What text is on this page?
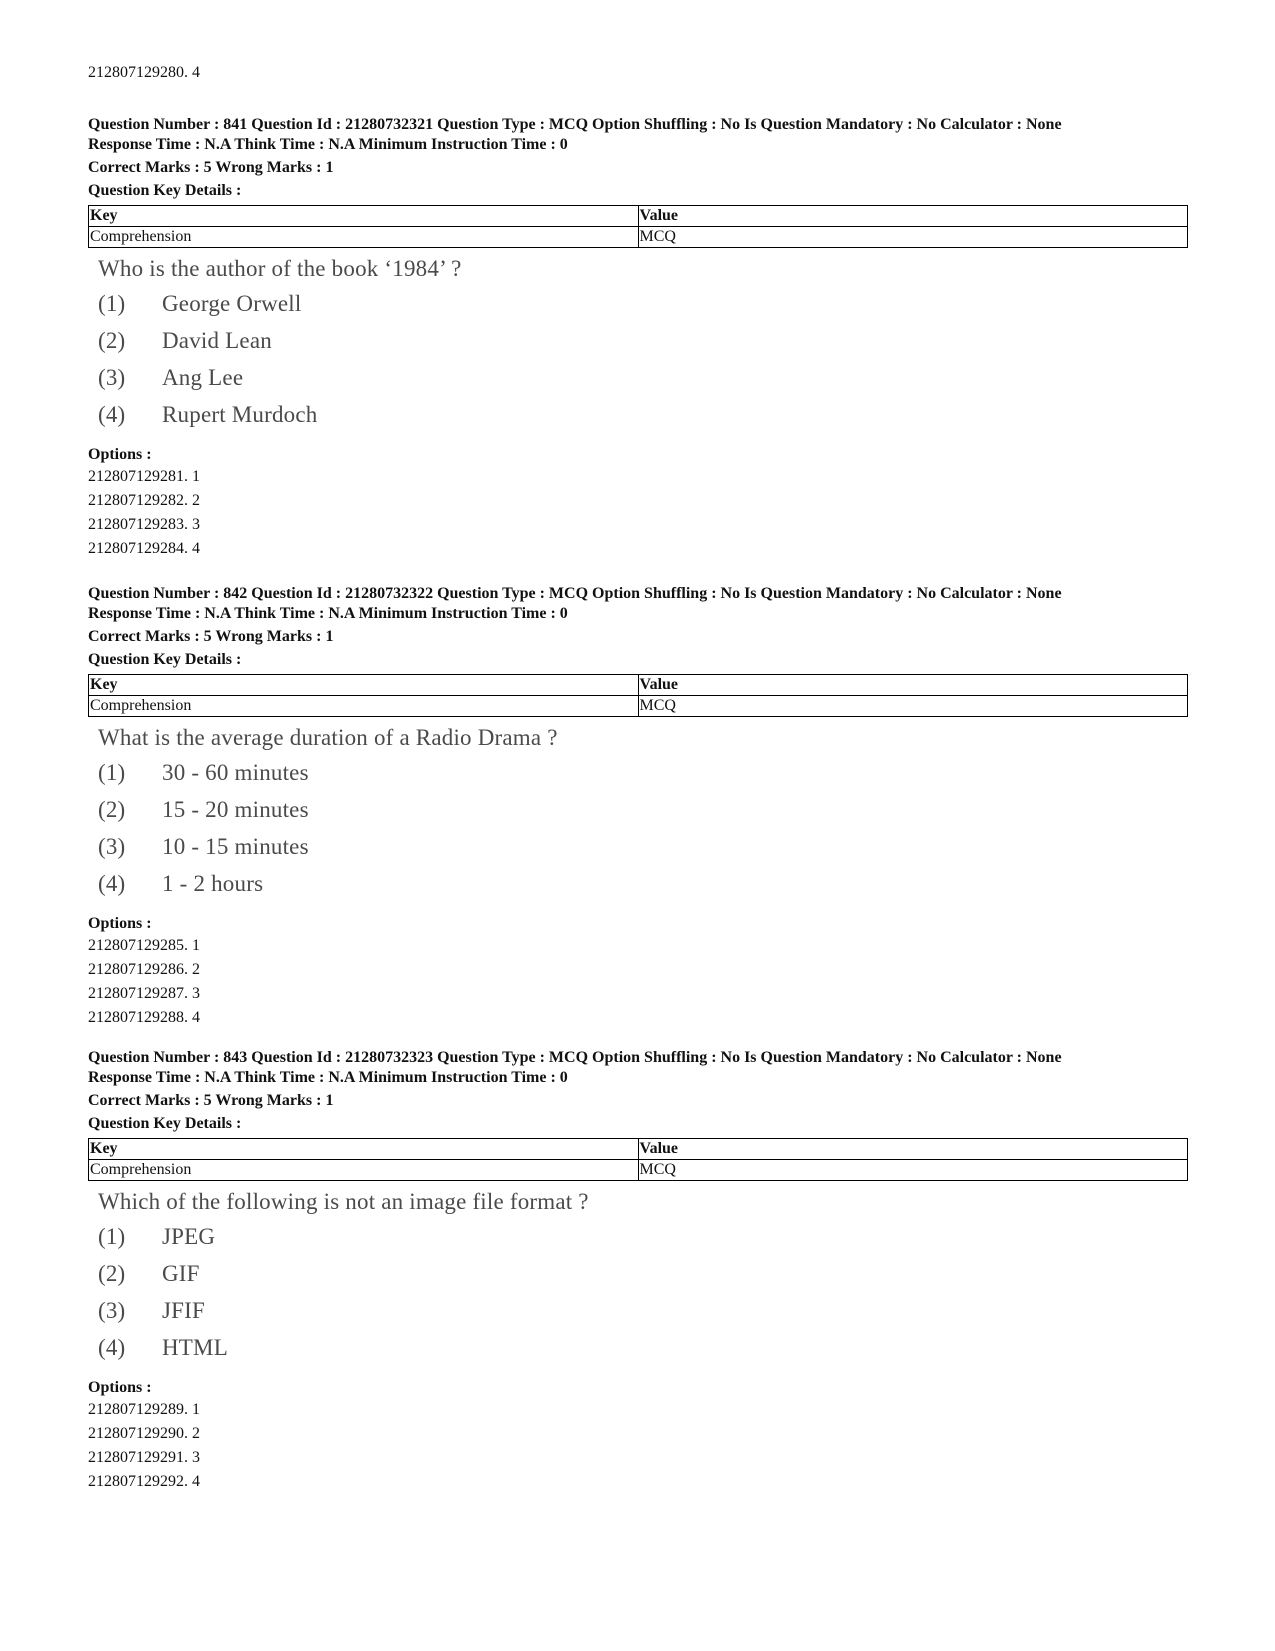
212807129280. 4
Question Number : 841 Question Id : 21280732321 Question Type : MCQ Option Shuffling : No Is Question Mandatory : No Calculator : None
Response Time : N.A Think Time : N.A Minimum Instruction Time : 0
Correct Marks : 5 Wrong Marks : 1
Question Key Details :
Key	Value
Comprehension	MCQ
Who is the author of the book ‘1984’ ?
(1)	George Orwell
(2)	David Lean
(3)	Ang Lee
(4)	Rupert Murdoch
Options :
212807129281. 1
212807129282. 2
212807129283. 3
212807129284. 4
Question Number : 842 Question Id : 21280732322 Question Type : MCQ Option Shuffling : No Is Question Mandatory : No Calculator : None
Response Time : N.A Think Time : N.A Minimum Instruction Time : 0
Correct Marks : 5 Wrong Marks : 1
Question Key Details :
Key	Value
Comprehension	MCQ
What is the average duration of a Radio Drama ?
(1)	30 - 60 minutes
(2)	15 - 20 minutes
(3)	10 - 15 minutes
(4)	1 - 2 hours
Options :
212807129285. 1
212807129286. 2
212807129287. 3
212807129288. 4
Question Number : 843 Question Id : 21280732323 Question Type : MCQ Option Shuffling : No Is Question Mandatory : No Calculator : None
Response Time : N.A Think Time : N.A Minimum Instruction Time : 0
Correct Marks : 5 Wrong Marks : 1
Question Key Details :
Key	Value
Comprehension	MCQ
Which of the following is not an image file format ?
(1)	JPEG
(2)	GIF
(3)	JFIF
(4)	HTML
Options :
212807129289. 1
212807129290. 2
212807129291. 3
212807129292. 4
